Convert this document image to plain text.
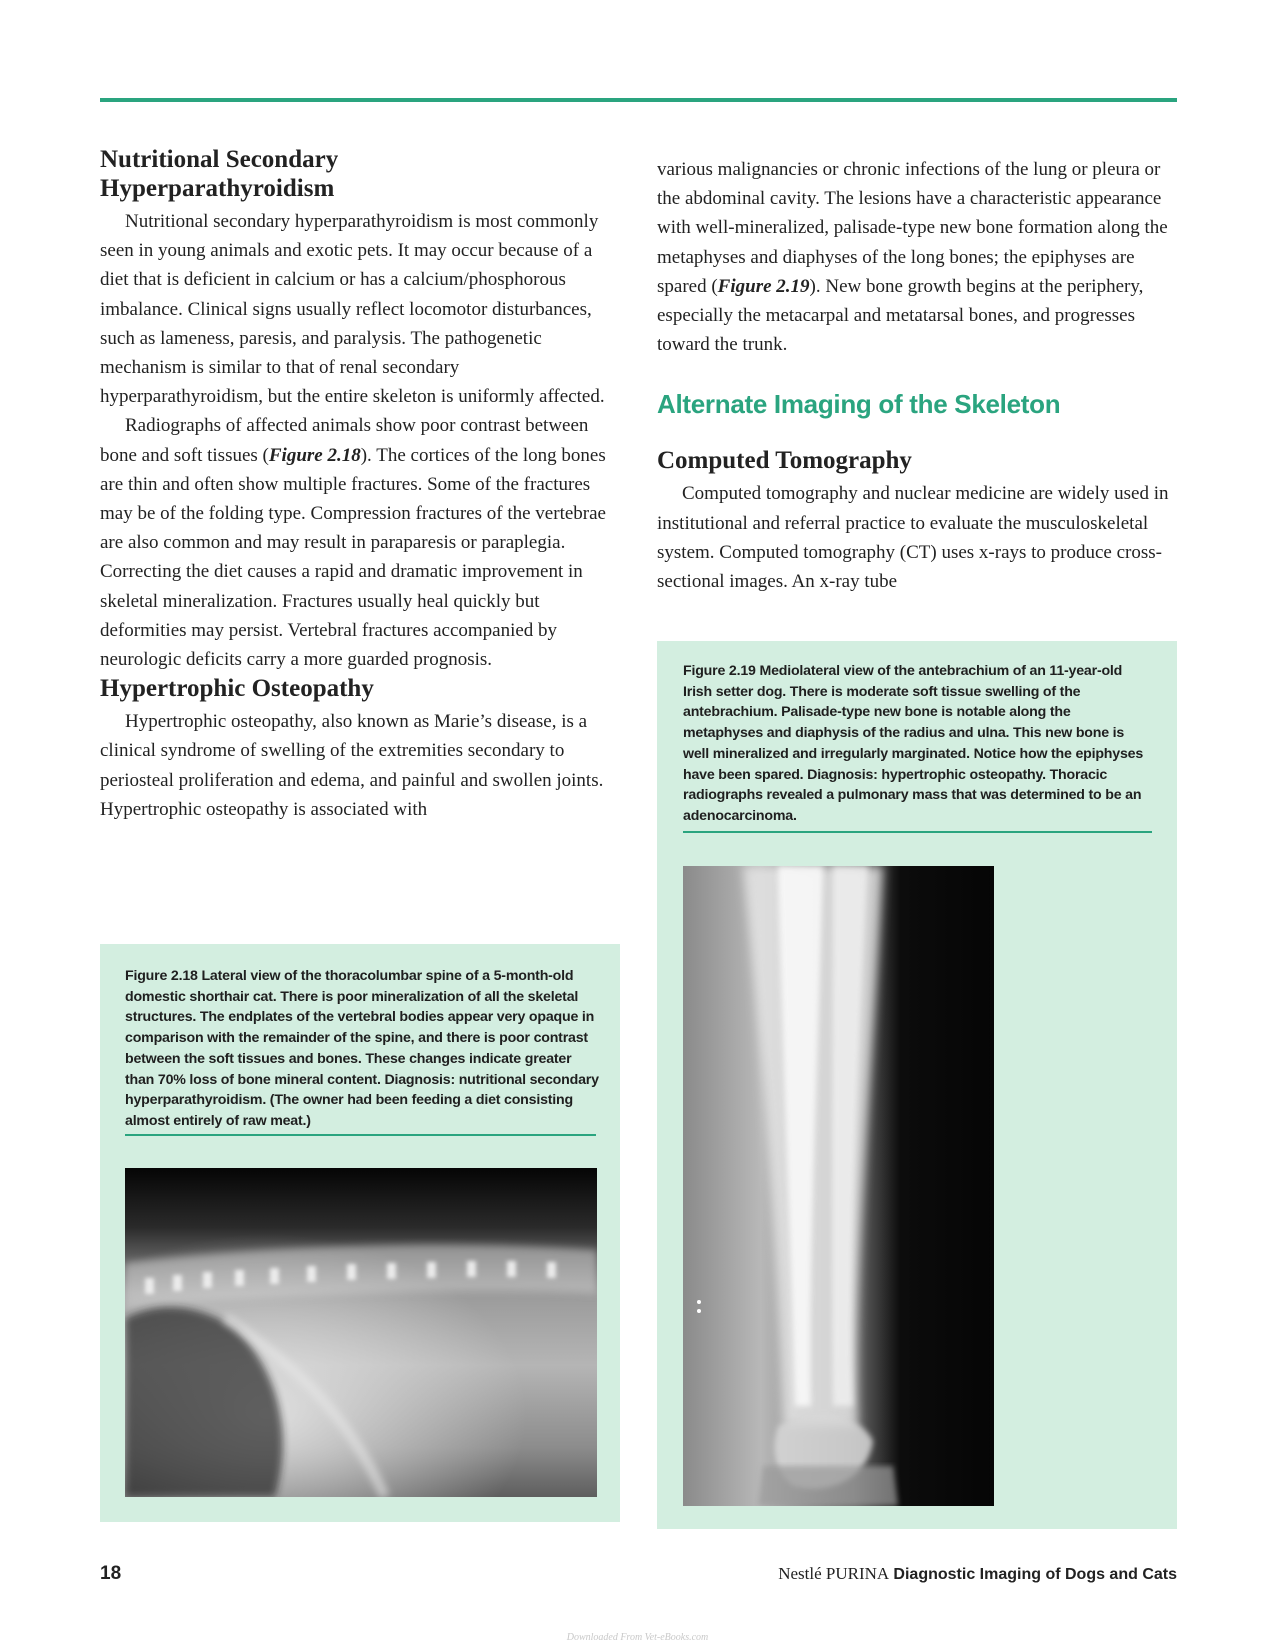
Nutritional Secondary
Hyperparathyroidism

Nutritional secondary hyperparathyroidism is most commonly seen in young animals and exotic pets. It may occur because of a diet that is deficient in calcium or has a calcium/phosphorous imbalance. Clinical signs usually reflect locomotor disturbances, such as lameness, paresis, and paralysis. The pathogenetic mechanism is similar to that of renal secondary hyperparathyroidism, but the entire skeleton is uniformly affected.

Radiographs of affected animals show poor contrast between bone and soft tissues (Figure 2.18). The cortices of the long bones are thin and often show multiple fractures. Some of the fractures may be of the folding type. Compression fractures of the vertebrae are also common and may result in paraparesis or paraplegia. Correcting the diet causes a rapid and dramatic improvement in skeletal mineralization. Fractures usually heal quickly but deformities may persist. Vertebral fractures accompanied by neurologic deficits carry a more guarded prognosis.

Hypertrophic Osteopathy

Hypertrophic osteopathy, also known as Marie’s disease, is a clinical syndrome of swelling of the extremities secondary to periosteal proliferation and edema, and painful and swollen joints. Hypertrophic osteopathy is associated with

various malignancies or chronic infections of the lung or pleura or the abdominal cavity. The lesions have a characteristic appearance with well-mineralized, palisade-type new bone formation along the metaphyses and diaphyses of the long bones; the epiphyses are spared (Figure 2.19). New bone growth begins at the periphery, especially the metacarpal and metatarsal bones, and progresses toward the trunk.

Alternate Imaging of the Skeleton
Computed Tomography

Computed tomography and nuclear medicine are widely used in institutional and referral practice to evaluate the musculoskeletal system. Computed tomography (CT) uses x-rays to produce cross-sectional images. An x-ray tube

Figure 2.18 Lateral view of the thoracolumbar spine of a 5-month-old domestic shorthair cat. There is poor mineralization of all the skeletal structures. The endplates of the vertebral bodies appear very opaque in comparison with the remainder of the spine, and there is poor contrast between the soft tissues and bones. These changes indicate greater than 70% loss of bone mineral content. Diagnosis: nutritional secondary hyperparathyroidism. (The owner had been feeding a diet consisting almost entirely of raw meat.)
Figure 2.19 Mediolateral view of the antebrachium of an 11-year-old Irish setter dog. There is moderate soft tissue swelling of the antebrachium. Palisade-type new bone is notable along the metaphyses and diaphysis of the radius and ulna. This new bone is well mineralized and irregularly marginated. Notice how the epiphyses have been spared. Diagnosis: hypertrophic osteopathy. Thoracic radiographs revealed a pulmonary mass that was determined to be an adenocarcinoma.
18	Nestlé PURINA Diagnostic Imaging of Dogs and Cats
Downloaded From Vet-eBooks.com
